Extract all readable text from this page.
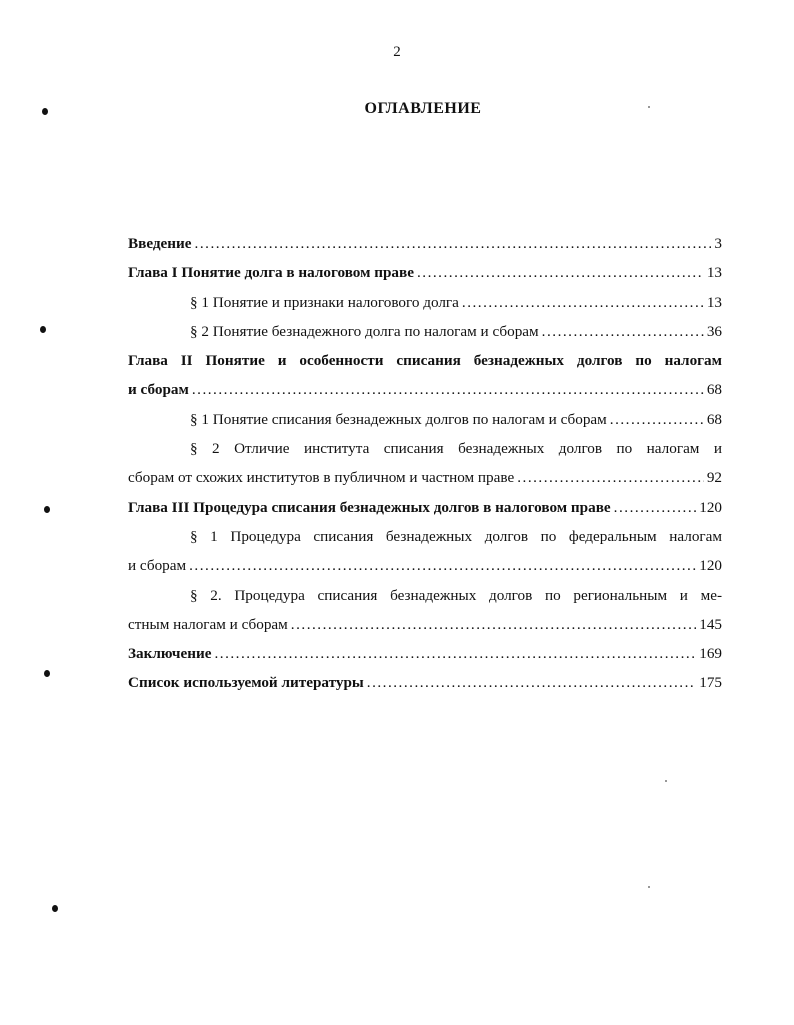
2
ОГЛАВЛЕНИЕ
Введение .....	3
Глава I Понятие долга в налоговом праве .....	13
§ 1 Понятие и признаки налогового долга .....	13
§ 2 Понятие безнадежного долга по налогам и сборам .....	36
Глава II Понятие и особенности списания безнадежных долгов по налогам
и сборам .....	68
§ 1 Понятие списания безнадежных долгов по налогам и сборам .....	68
§ 2 Отличие института списания безнадежных долгов по налогам и
сборам от схожих институтов в публичном и частном праве .....	92
Глава III Процедура списания безнадежных долгов в налоговом праве .....	120
§ 1 Процедура списания безнадежных долгов по федеральным налогам
и сборам .....	120
§ 2. Процедура списания безнадежных долгов по региональным и ме-
стным налогам и сборам .....	145
Заключение .....	169
Список используемой литературы .....	175
